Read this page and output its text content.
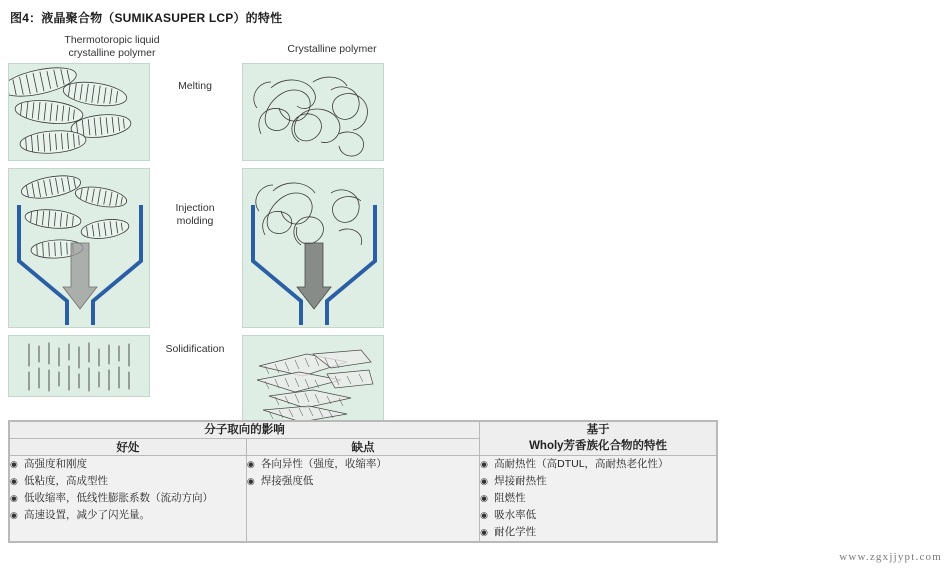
图4：液晶聚合物（SUMIKASUPER LCP）的特性
Thermotoropic liquid
crystalline polymer	Crystalline polymer
Melting
Injection
molding
Solidification
分子取向的影响		基于
Wholy芳香族化合物的特性

好处	缺点	

◉ 高强度和刚度
◉ 低粘度，高成型性
◉ 低收缩率，低线性膨胀系数（流动方向）
◉ 高速设置，减少了闪光量。

◉ 各向异性（强度，收缩率）
◉ 焊接强度低

◉ 高耐热性（高DTUL，高耐热老化性）
◉ 焊接耐热性
◉ 阻燃性
◉ 吸水率低
◉ 耐化学性
www.zgxjjypt.com
